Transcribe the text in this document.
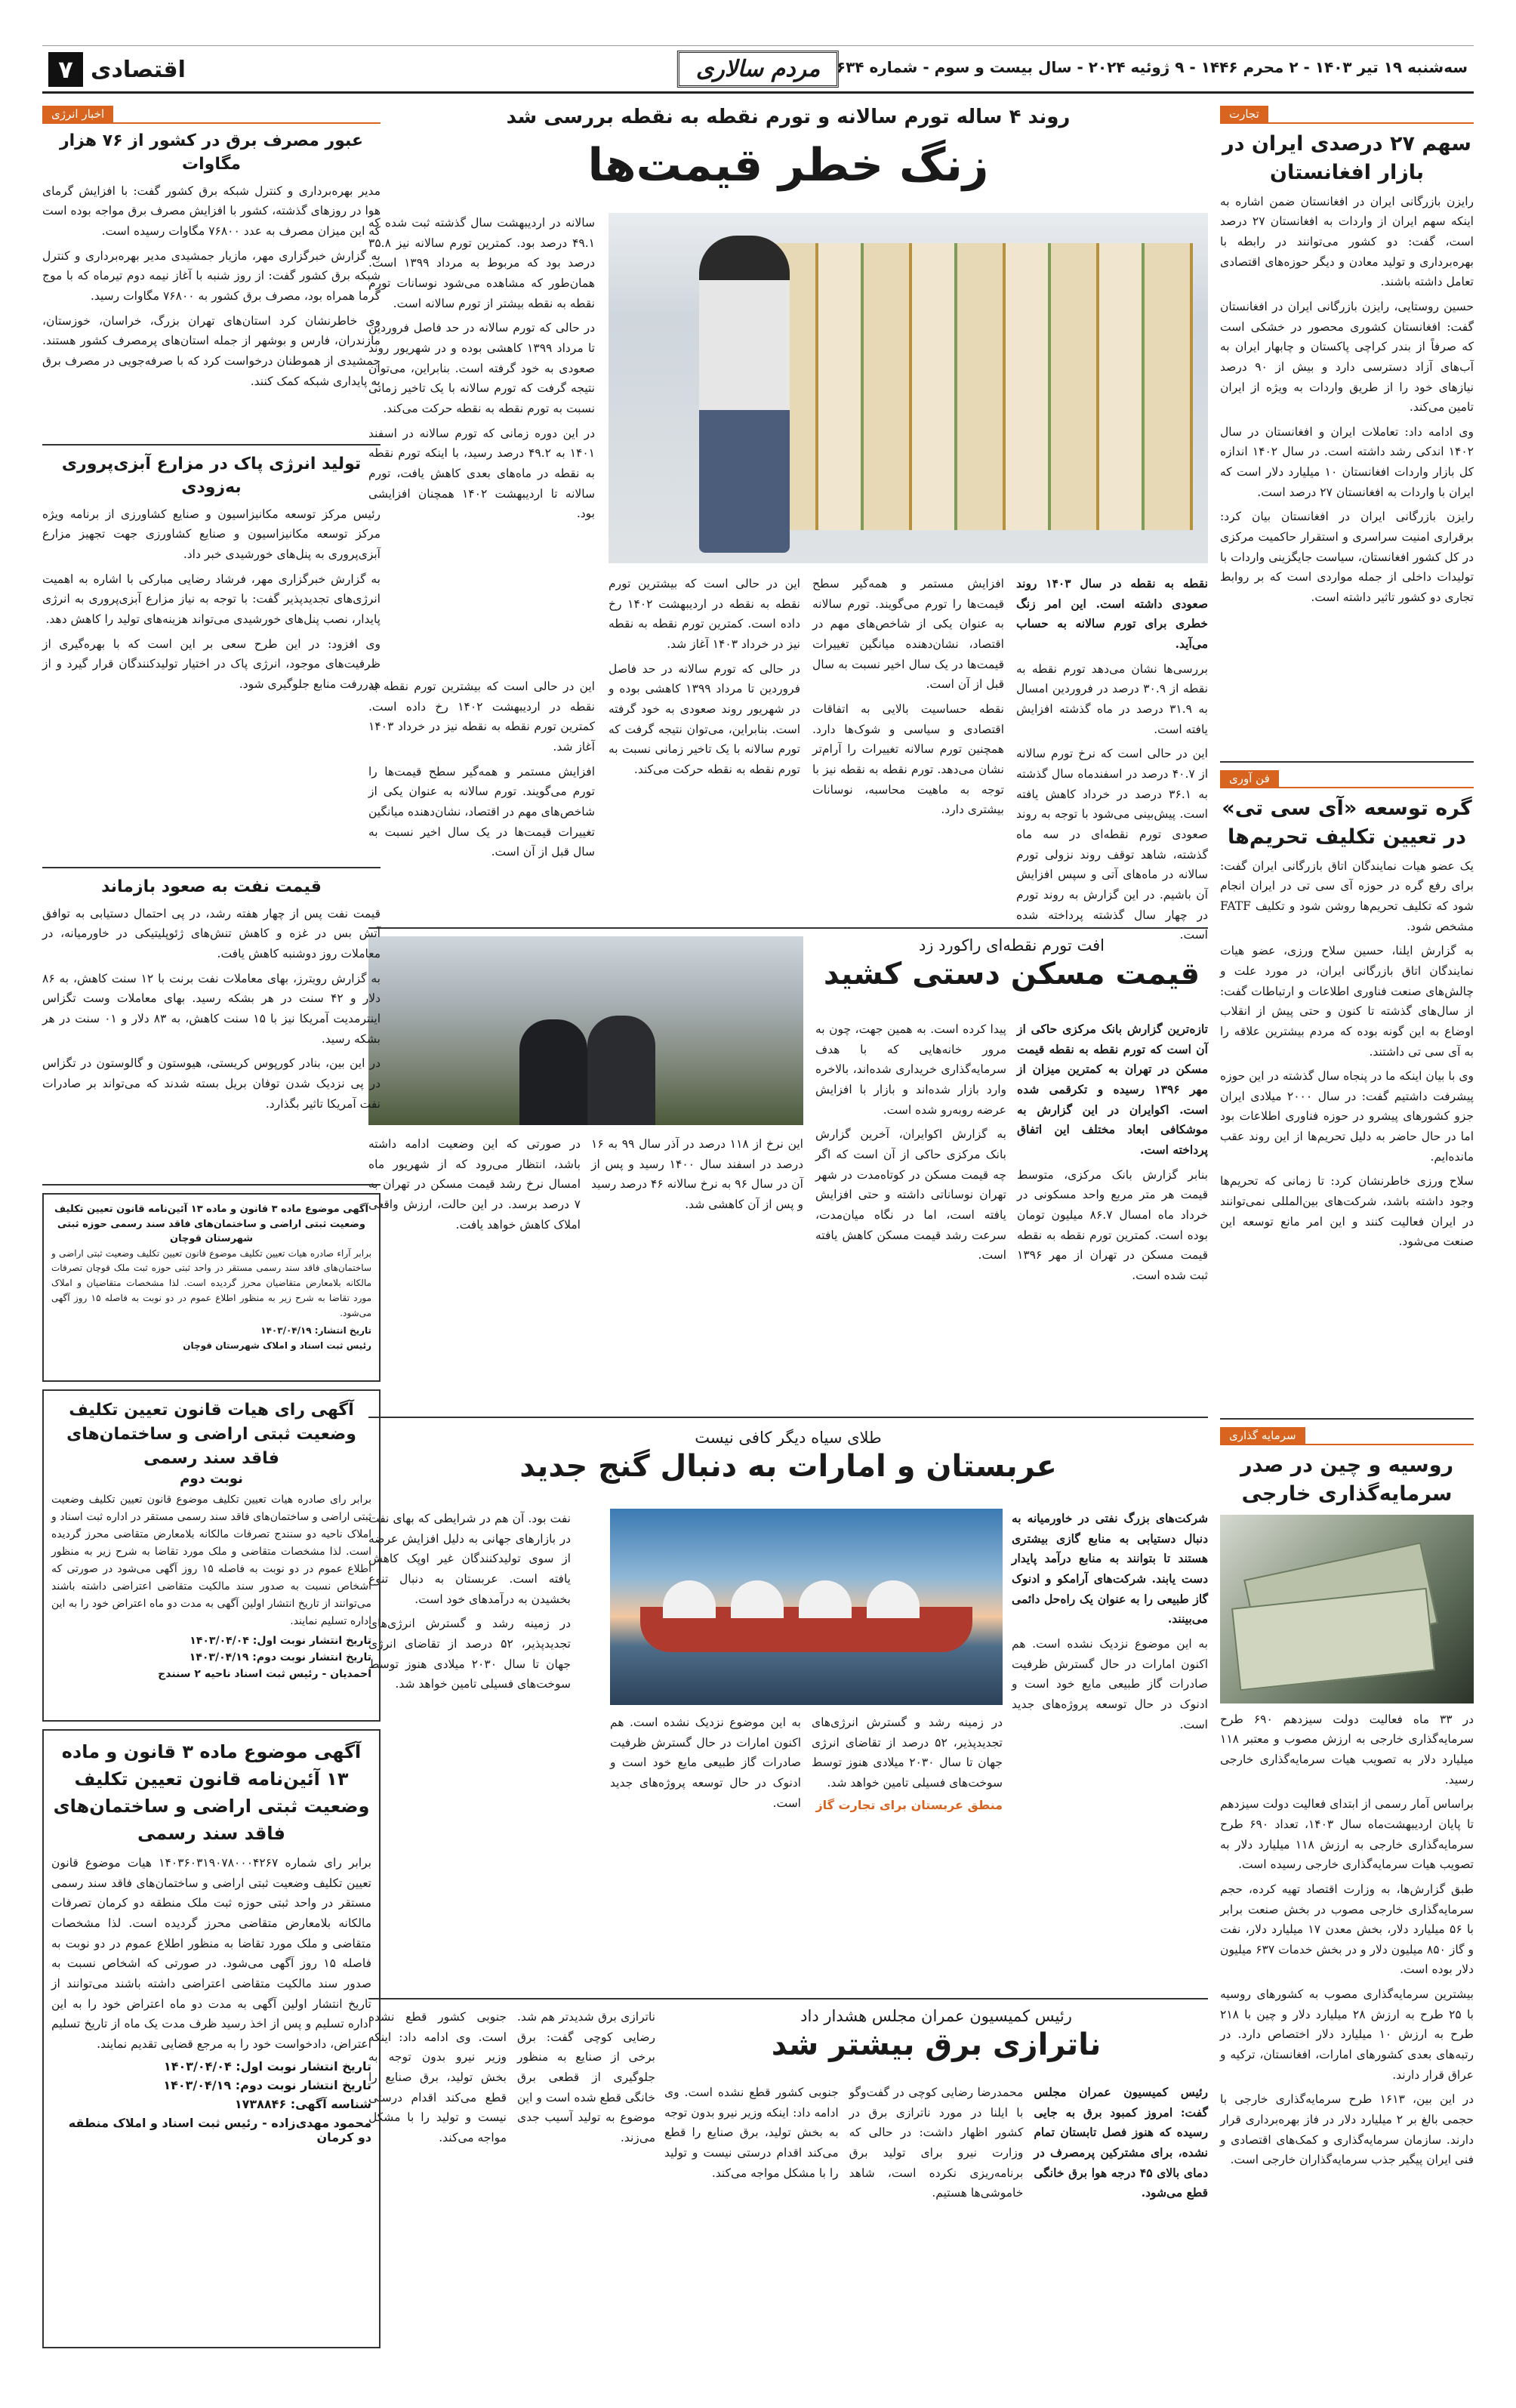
سه‌شنبه ۱۹ تیر ۱۴۰۳ - ۲ محرم ۱۴۴۶ - ۹ ژوئیه ۲۰۲۴ - سال بیست و سوم - شماره ۶۳۴
مردم سالاری
اقتصادی
۷
تجارت
سهم ۲۷ درصدی ایران در بازار افغانستان

رایزن بازرگانی ایران در افغانستان ضمن اشاره به اینکه سهم ایران از واردات به افغانستان ۲۷ درصد است، گفت: دو کشور می‌توانند در رابطه با بهره‌برداری و تولید معادن و دیگر حوزه‌های اقتصادی تعامل داشته باشند.

حسین روستایی، رایزن بازرگانی ایران در افغانستان گفت: افغانستان کشوری محصور در خشکی است که صرفاً از بندر کراچی پاکستان و چابهار ایران به آب‌های آزاد دسترسی دارد و بیش از ۹۰ درصد نیازهای خود را از طریق واردات به ویژه از ایران تامین می‌کند.

وی ادامه داد: تعاملات ایران و افغانستان در سال ۱۴۰۲ اندکی رشد داشته است. در سال ۱۴۰۲ اندازه کل بازار واردات افغانستان ۱۰ میلیارد دلار است که ایران با واردات به افغانستان ۲۷ درصد است.

رایزن بازرگانی ایران در افغانستان بیان کرد: برقراری امنیت سراسری و استقرار حاکمیت مرکزی در کل کشور افغانستان، سیاست جایگزینی واردات با تولیدات داخلی از جمله مواردی است که بر روابط تجاری دو کشور تاثیر داشته است.

فن آوری
گره توسعه «آی سی تی» در تعیین تکلیف تحریم‌ها

یک عضو هیات نمایندگان اتاق بازرگانی ایران گفت: برای رفع گره در حوزه آی سی تی در ایران انجام شود که تکلیف تحریم‌ها روشن شود و تکلیف FATF مشخص شود.

به گزارش ایلنا، حسین سلاح ورزی، عضو هیات نمایندگان اتاق بازرگانی ایران، در مورد علت و چالش‌های صنعت فناوری اطلاعات و ارتباطات گفت: از سال‌های گذشته تا کنون و حتی پیش از انقلاب اوضاع به این گونه بوده که مردم بیشترین علاقه را به آی سی تی داشتند.

وی با بیان اینکه ما در پنجاه سال گذشته در این حوزه پیشرفت داشتیم گفت: در سال ۲۰۰۰ میلادی ایران جزو کشورهای پیشرو در حوزه فناوری اطلاعات بود اما در حال حاضر به دلیل تحریم‌ها از این روند عقب مانده‌ایم.

سلاح ورزی خاطرنشان کرد: تا زمانی که تحریم‌ها وجود داشته باشد، شرکت‌های بین‌المللی نمی‌توانند در ایران فعالیت کنند و این امر مانع توسعه این صنعت می‌شود.

سرمایه گذاری
روسیه و چین در صدر سرمایه‌گذاری خارجی

در ۳۳ ماه فعالیت دولت سیزدهم ۶۹۰ طرح سرمایه‌گذاری خارجی به ارزش مصوب و معتبر ۱۱۸ میلیارد دلار به تصویب هیات سرمایه‌گذاری خارجی رسید.

براساس آمار رسمی از ابتدای فعالیت دولت سیزدهم تا پایان اردیبهشت‌ماه سال ۱۴۰۳، تعداد ۶۹۰ طرح سرمایه‌گذاری خارجی به ارزش ۱۱۸ میلیارد دلار به تصویب هیات سرمایه‌گذاری خارجی رسیده است.

طبق گزارش‌ها، به وزارت اقتصاد تهیه کرده، حجم سرمایه‌گذاری خارجی مصوب در بخش صنعت برابر با ۵۶ میلیارد دلار، بخش معدن ۱۷ میلیارد دلار، نفت و گاز ۸۵۰ میلیون دلار و در بخش خدمات ۶۳۷ میلیون دلار بوده است.

بیشترین سرمایه‌گذاری مصوب به کشورهای روسیه با ۲۵ طرح به ارزش ۲۸ میلیارد دلار و چین با ۲۱۸ طرح به ارزش ۱۰ میلیارد دلار اختصاص دارد. در رتبه‌های بعدی کشورهای امارات، افغانستان، ترکیه و عراق قرار دارند.

در این بین، ۱۶۱۳ طرح سرمایه‌گذاری خارجی با حجمی بالغ بر ۲ میلیارد دلار در فاز بهره‌برداری قرار دارند. سازمان سرمایه‌گذاری و کمک‌های اقتصادی و فنی ایران پیگیر جذب سرمایه‌گذاران خارجی است.

روند ۴ ساله تورم سالانه و تورم نقطه به نقطه بررسی شد
زنگ خطر قیمت‌ها

سالانه در اردیبهشت سال گذشته ثبت شده که ۴۹.۱ درصد بود. کمترین تورم سالانه نیز ۳۵.۸ درصد بود که مربوط به مرداد ۱۳۹۹ است. همان‌طور که مشاهده می‌شود نوسانات تورم نقطه به نقطه بیشتر از تورم سالانه است.

در حالی که تورم سالانه در حد فاصل فروردین تا مرداد ۱۳۹۹ کاهشی بوده و در شهریور روند صعودی به خود گرفته است. بنابراین، می‌توان نتیجه گرفت که تورم سالانه با یک تاخیر زمانی نسبت به تورم نقطه به نقطه حرکت می‌کند.

در این دوره زمانی که تورم سالانه در اسفند ۱۴۰۱ به ۴۹.۲ درصد رسید، با اینکه تورم نقطه به نقطه در ماه‌های بعدی کاهش یافت، تورم سالانه تا اردیبهشت ۱۴۰۲ همچنان افزایشی بود.

نقطه به نقطه در سال ۱۴۰۳ روند صعودی داشته است. این امر زنگ خطری برای تورم سالانه به حساب می‌آید.

بررسی‌ها نشان می‌دهد تورم نقطه به نقطه از ۳۰.۹ درصد در فروردین امسال به ۳۱.۹ درصد در ماه گذشته افزایش یافته است.

این در حالی است که نرخ تورم سالانه از ۴۰.۷ درصد در اسفندماه سال گذشته به ۳۶.۱ درصد در خرداد کاهش یافته است. پیش‌بینی می‌شود با توجه به روند صعودی تورم نقطه‌ای در سه ماه گذشته، شاهد توقف روند نزولی تورم سالانه در ماه‌های آتی و سپس افزایش آن باشیم. در این گزارش به روند تورم در چهار سال گذشته پرداخته شده است.

افزایش مستمر و همه‌گیر سطح قیمت‌ها را تورم می‌گویند. تورم سالانه به عنوان یکی از شاخص‌های مهم در اقتصاد، نشان‌دهنده میانگین تغییرات قیمت‌ها در یک سال اخیر نسبت به سال قبل از آن است.

نقطه حساسیت بالایی به اتفاقات اقتصادی و سیاسی و شوک‌ها دارد. همچنین تورم سالانه تغییرات را آرام‌تر نشان می‌دهد. تورم نقطه به نقطه نیز با توجه به ماهیت محاسبه، نوسانات بیشتری دارد.

این در حالی است که بیشترین تورم نقطه به نقطه در اردیبهشت ۱۴۰۲ رخ داده است. کمترین تورم نقطه به نقطه نیز در خرداد ۱۴۰۳ آغاز شد.

در حالی که تورم سالانه در حد فاصل فروردین تا مرداد ۱۳۹۹ کاهشی بوده و در شهریور روند صعودی به خود گرفته است. بنابراین، می‌توان نتیجه گرفت که تورم سالانه با یک تاخیر زمانی نسبت به تورم نقطه به نقطه حرکت می‌کند.

این در حالی است که بیشترین تورم نقطه به نقطه در اردیبهشت ۱۴۰۲ رخ داده است. کمترین تورم نقطه به نقطه نیز در خرداد ۱۴۰۳ آغاز شد.

افزایش مستمر و همه‌گیر سطح قیمت‌ها را تورم می‌گویند. تورم سالانه به عنوان یکی از شاخص‌های مهم در اقتصاد، نشان‌دهنده میانگین تغییرات قیمت‌ها در یک سال اخیر نسبت به سال قبل از آن است.

افت تورم نقطه‌ای راکورد زد
قیمت مسکن دستی کشید

تازه‌ترین گزارش بانک مرکزی حاکی از آن است که تورم نقطه به نقطه قیمت مسکن در تهران به کمترین میزان از مهر ۱۳۹۶ رسیده و تکرقمی شده است. اکوایران در این گزارش به موشکافی ابعاد مختلف این اتفاق پرداخته است.

بنابر گزارش بانک مرکزی، متوسط قیمت هر متر مربع واحد مسکونی در خرداد ماه امسال ۸۶.۷ میلیون تومان بوده است. کمترین تورم نقطه به نقطه قیمت مسکن در تهران از مهر ۱۳۹۶ ثبت شده است.

پیدا کرده است. به همین جهت، چون به مرور خانه‌هایی که با هدف سرمایه‌گذاری خریداری شده‌اند، بالاخره وارد بازار شده‌اند و بازار با افزایش عرضه روبه‌رو شده است.

به گزارش اکوایران، آخرین گزارش بانک مرکزی حاکی از آن است که اگر چه قیمت مسکن در کوتاه‌مدت در شهر تهران نوساناتی داشته و حتی افزایش یافته است، اما در نگاه میان‌مدت، سرعت رشد قیمت مسکن کاهش یافته است.

این نرخ از ۱۱۸ درصد در آذر سال ۹۹ به ۱۶ درصد در اسفند سال ۱۴۰۰ رسید و پس از آن در سال ۹۶ به نرخ سالانه ۴۶ درصد رسید و پس از آن کاهشی شد.

در صورتی که این وضعیت ادامه داشته باشد، انتظار می‌رود که از شهریور ماه امسال نرخ رشد قیمت مسکن در تهران به ۷ درصد برسد. در این حالت، ارزش واقعی املاک کاهش خواهد یافت.

طلای سیاه دیگر کافی نیست
عربستان و امارات به دنبال گنج جدید

شرکت‌های بزرگ نفتی در خاورمیانه به دنبال دستیابی به منابع گازی بیشتری هستند تا بتوانند به منابع درآمد پایدار دست یابند. شرکت‌های آرامکو و ادنوک گاز طبیعی را به عنوان یک راه‌حل دائمی می‌بینند.

به این موضوع نزدیک نشده است. هم اکنون امارات در حال گسترش ظرفیت صادرات گاز طبیعی مایع خود است و ادنوک در حال توسعه پروژه‌های جدید است.

نفت بود. آن هم در شرایطی که بهای نفت در بازارهای جهانی به دلیل افزایش عرضه از سوی تولیدکنندگان غیر اوپک کاهش یافته است. عربستان به دنبال تنوع بخشیدن به درآمدهای خود است.

در زمینه رشد و گسترش انرژی‌های تجدیدپذیر، ۵۲ درصد از تقاضای انرژی جهان تا سال ۲۰۳۰ میلادی هنوز توسط سوخت‌های فسیلی تامین خواهد شد.

در زمینه رشد و گسترش انرژی‌های تجدیدپذیر، ۵۲ درصد از تقاضای انرژی جهان تا سال ۲۰۳۰ میلادی هنوز توسط سوخت‌های فسیلی تامین خواهد شد.

منطق عربستان برای تجارت گاز

به این موضوع نزدیک نشده است. هم اکنون امارات در حال گسترش ظرفیت صادرات گاز طبیعی مایع خود است و ادنوک در حال توسعه پروژه‌های جدید است.

رئیس کمیسیون عمران مجلس هشدار داد
ناترازی برق بیشتر شد

رئیس کمیسیون عمران مجلس گفت: امروز کمبود برق به جایی رسیده که هنوز فصل تابستان تمام نشده، برای مشترکین پرمصرف در دمای بالای ۴۵ درجه هوا برق خانگی قطع می‌شود.

محمدرضا رضایی کوچی در گفت‌وگو با ایلنا در مورد ناترازی برق در کشور اظهار داشت: در حالی که وزارت نیرو برای تولید برق برنامه‌ریزی نکرده است، شاهد خاموشی‌ها هستیم.

جنوبی کشور قطع نشده است. وی ادامه داد: اینکه وزیر نیرو بدون توجه به بخش تولید، برق صنایع را قطع می‌کند اقدام درستی نیست و تولید را با مشکل مواجه می‌کند.

ناترازی برق شدیدتر هم شد. رضایی کوچی گفت: برق برخی از صنایع به منظور جلوگیری از قطعی برق خانگی قطع شده است و این موضوع به تولید آسیب جدی می‌زند.

جنوبی کشور قطع نشده است. وی ادامه داد: اینکه وزیر نیرو بدون توجه به بخش تولید، برق صنایع را قطع می‌کند اقدام درستی نیست و تولید را با مشکل مواجه می‌کند.

اخبار انرژی
عبور مصرف برق در کشور از ۷۶ هزار مگاوات

مدیر بهره‌برداری و کنترل شبکه برق کشور گفت: با افزایش گرمای هوا در روزهای گذشته، کشور با افزایش مصرف برق مواجه بوده است که این میزان مصرف به عدد ۷۶۸۰۰ مگاوات رسیده است.

به گزارش خبرگزاری مهر، مازیار جمشیدی مدیر بهره‌برداری و کنترل شبکه برق کشور گفت: از روز شنبه با آغاز نیمه دوم تیرماه که با موج گرما همراه بود، مصرف برق کشور به ۷۶۸۰۰ مگاوات رسید.

وی خاطرنشان کرد استان‌های تهران بزرگ، خراسان، خوزستان، مازندران، فارس و بوشهر از جمله استان‌های پرمصرف کشور هستند. جمشیدی از هموطنان درخواست کرد که با صرفه‌جویی در مصرف برق به پایداری شبکه کمک کنند.

تولید انرژی پاک در مزارع آبزی‌پروری به‌زودی

رئیس مرکز توسعه مکانیزاسیون و صنایع کشاورزی از برنامه ویژه مرکز توسعه مکانیزاسیون و صنایع کشاورزی جهت تجهیز مزارع آبزی‌پروری به پنل‌های خورشیدی خبر داد.

به گزارش خبرگزاری مهر، فرشاد رضایی مبارکی با اشاره به اهمیت انرژی‌های تجدیدپذیر گفت: با توجه به نیاز مزارع آبزی‌پروری به انرژی پایدار، نصب پنل‌های خورشیدی می‌تواند هزینه‌های تولید را کاهش دهد.

وی افزود: در این طرح سعی بر این است که با بهره‌گیری از ظرفیت‌های موجود، انرژی پاک در اختیار تولیدکنندگان قرار گیرد و از هدررفت منابع جلوگیری شود.

قیمت نفت به صعود بازماند

قیمت نفت پس از چهار هفته رشد، در پی احتمال دستیابی به توافق آتش بس در غزه و کاهش تنش‌های ژئوپلیتیکی در خاورمیانه، در معاملات روز دوشنبه کاهش یافت.

به گزارش رویترز، بهای معاملات نفت برنت با ۱۲ سنت کاهش، به ۸۶ دلار و ۴۲ سنت در هر بشکه رسید. بهای معاملات وست تگزاس اینترمدیت آمریکا نیز با ۱۵ سنت کاهش، به ۸۳ دلار و ۰۱ سنت در هر بشکه رسید.

در این بین، بنادر کورپوس کریستی، هیوستون و گالوستون در تگزاس در پی نزدیک شدن توفان بریل بسته شدند که می‌تواند بر صادرات نفت آمریکا تاثیر بگذارد.

آگهی موضوع ماده ۳ قانون و ماده ۱۳ آئین‌نامه قانون تعیین تکلیف وضعیت ثبتی اراضی و ساختمان‌های فاقد سند رسمی حوزه ثبتی شهرستان قوچان

برابر آراء صادره هیات تعیین تکلیف موضوع قانون تعیین تکلیف وضعیت ثبتی اراضی و ساختمان‌های فاقد سند رسمی مستقر در واحد ثبتی حوزه ثبت ملک قوچان تصرفات مالکانه بلامعارض متقاضیان محرز گردیده است. لذا مشخصات متقاضیان و املاک مورد تقاضا به شرح زیر به منظور اطلاع عموم در دو نوبت به فاصله ۱۵ روز آگهی می‌شود.

تاریخ انتشار: ۱۴۰۳/۰۴/۱۹
رئیس ثبت اسناد و املاک شهرستان قوچان
آگهی رای هیات قانون تعیین تکلیف وضعیت ثبتی اراضی و ساختمان‌های فاقد سند رسمی
نوبت دوم

برابر رای صادره هیات تعیین تکلیف موضوع قانون تعیین تکلیف وضعیت ثبتی اراضی و ساختمان‌های فاقد سند رسمی مستقر در اداره ثبت اسناد و املاک ناحیه دو سنندج تصرفات مالکانه بلامعارض متقاضی محرز گردیده است. لذا مشخصات متقاضی و ملک مورد تقاضا به شرح زیر به منظور اطلاع عموم در دو نوبت به فاصله ۱۵ روز آگهی می‌شود در صورتی که اشخاص نسبت به صدور سند مالکیت متقاضی اعتراضی داشته باشند می‌توانند از تاریخ انتشار اولین آگهی به مدت دو ماه اعتراض خود را به این اداره تسلیم نمایند.

تاریخ انتشار نوبت اول: ۱۴۰۳/۰۴/۰۴
تاریخ انتشار نوبت دوم: ۱۴۰۳/۰۴/۱۹
احمدیان - رئیس ثبت اسناد ناحیه ۲ سنندج
آگهی موضوع ماده ۳ قانون و ماده ۱۳ آئین‌نامه قانون تعیین تکلیف وضعیت ثبتی اراضی و ساختمان‌های فاقد سند رسمی

برابر رای شماره ۱۴۰۳۶۰۳۱۹۰۷۸۰۰۰۴۲۶۷ هیات موضوع قانون تعیین تکلیف وضعیت ثبتی اراضی و ساختمان‌های فاقد سند رسمی مستقر در واحد ثبتی حوزه ثبت ملک منطقه دو کرمان تصرفات مالکانه بلامعارض متقاضی محرز گردیده است. لذا مشخصات متقاضی و ملک مورد تقاضا به منظور اطلاع عموم در دو نوبت به فاصله ۱۵ روز آگهی می‌شود. در صورتی که اشخاص نسبت به صدور سند مالکیت متقاضی اعتراضی داشته باشند می‌توانند از تاریخ انتشار اولین آگهی به مدت دو ماه اعتراض خود را به این اداره تسلیم و پس از اخذ رسید ظرف مدت یک ماه از تاریخ تسلیم اعتراض، دادخواست خود را به مرجع قضایی تقدیم نمایند.

تاریخ انتشار نوبت اول: ۱۴۰۳/۰۴/۰۴
تاریخ انتشار نوبت دوم: ۱۴۰۳/۰۴/۱۹
شناسه آگهی: ۱۷۳۸۸۴۶
محمود مهدی‌زاده - رئیس ثبت اسناد و املاک منطقه دو کرمان
